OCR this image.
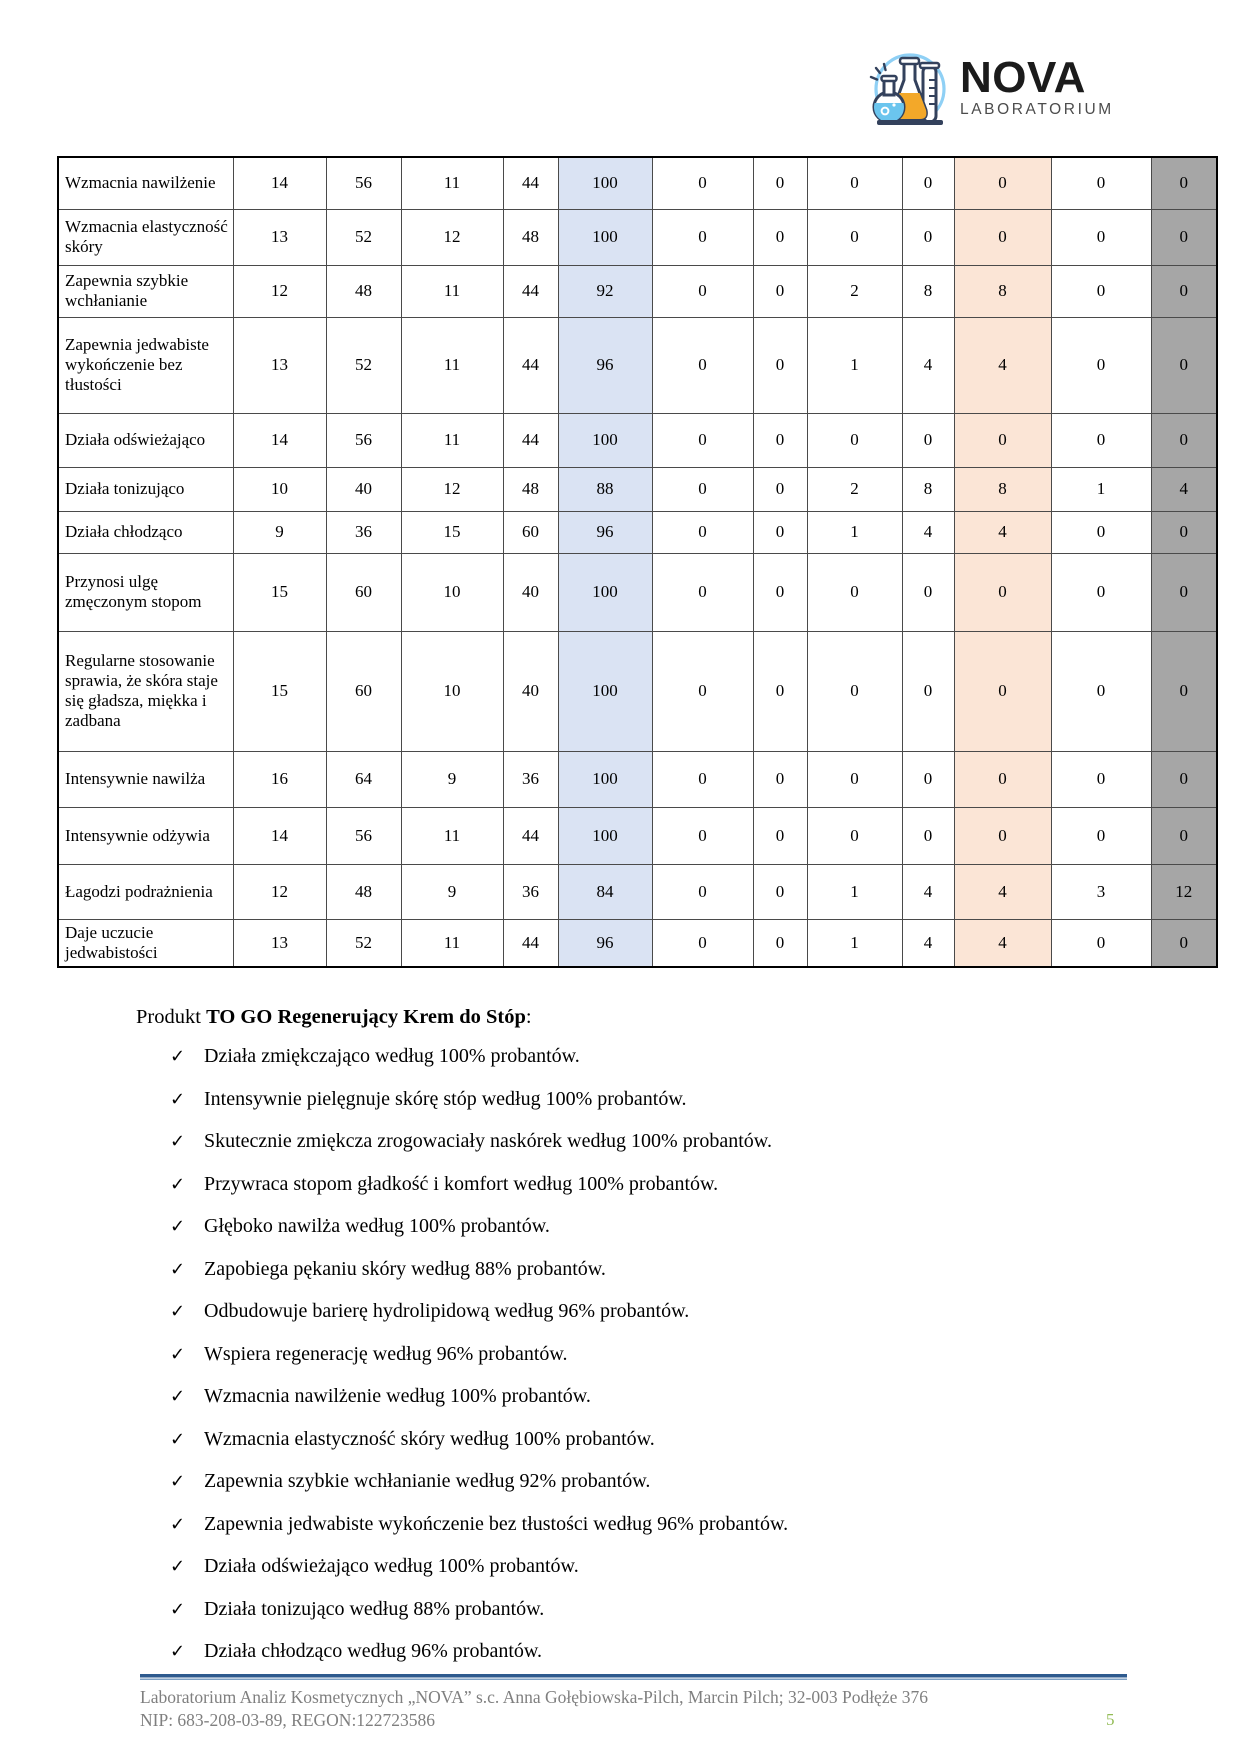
NOVA
LABORATORIUM
Wzmacnia nawilżenie	14	56	11	44	100	0	0	0	0	0	0	0
Wzmacnia elastyczność skóry	13	52	12	48	100	0	0	0	0	0	0	0
Zapewnia szybkie wchłanianie	12	48	11	44	92	0	0	2	8	8	0	0
Zapewnia jedwabiste wykończenie bez tłustości	13	52	11	44	96	0	0	1	4	4	0	0
Działa odświeżająco	14	56	11	44	100	0	0	0	0	0	0	0
Działa tonizująco	10	40	12	48	88	0	0	2	8	8	1	4
Działa chłodząco	9	36	15	60	96	0	0	1	4	4	0	0
Przynosi ulgę zmęczonym stopom	15	60	10	40	100	0	0	0	0	0	0	0
Regularne stosowanie sprawia, że skóra staje się gładsza, miękka i zadbana	15	60	10	40	100	0	0	0	0	0	0	0
Intensywnie nawilża	16	64	9	36	100	0	0	0	0	0	0	0
Intensywnie odżywia	14	56	11	44	100	0	0	0	0	0	0	0
Łagodzi podrażnienia	12	48	9	36	84	0	0	1	4	4	3	12
Daje uczucie jedwabistości	13	52	11	44	96	0	0	1	4	4	0	0
Produkt TO GO Regenerujący Krem do Stóp:
✓ Działa zmiękczająco według 100% probantów.
✓ Intensywnie pielęgnuje skórę stóp według 100% probantów.
✓ Skutecznie zmiękcza zrogowaciały naskórek według 100% probantów.
✓ Przywraca stopom gładkość i komfort według 100% probantów.
✓ Głęboko nawilża według 100% probantów.
✓ Zapobiega pękaniu skóry według 88% probantów.
✓ Odbudowuje barierę hydrolipidową według 96% probantów.
✓ Wspiera regenerację według 96% probantów.
✓ Wzmacnia nawilżenie według 100% probantów.
✓ Wzmacnia elastyczność skóry według 100% probantów.
✓ Zapewnia szybkie wchłanianie według 92% probantów.
✓ Zapewnia jedwabiste wykończenie bez tłustości według 96% probantów.
✓ Działa odświeżająco według 100% probantów.
✓ Działa tonizująco według 88% probantów.
✓ Działa chłodząco według 96% probantów.
Laboratorium Analiz Kosmetycznych „NOVA” s.c. Anna Gołębiowska-Pilch, Marcin Pilch; 32-003 Podłęże 376
NIP: 683-208-03-89, REGON:122723586	5
